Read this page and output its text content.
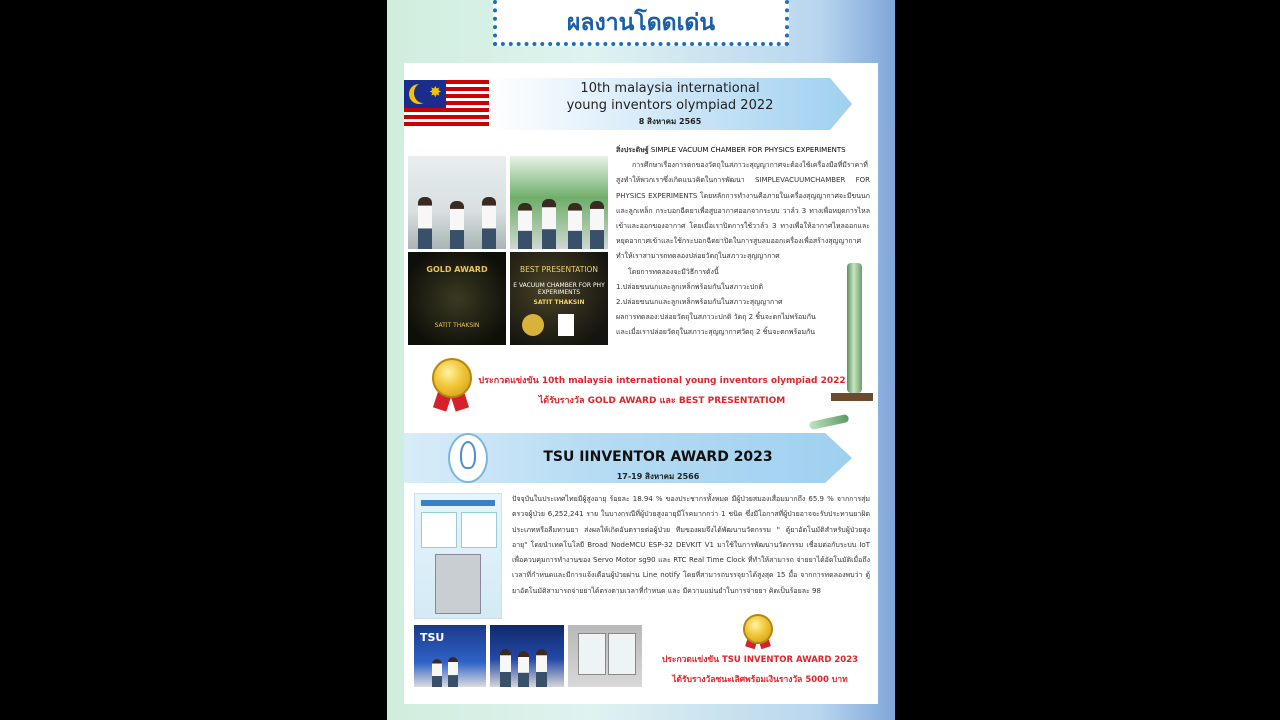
ผลงานโดดเด่น
10th malaysia international
young inventors olympiad 2022
8 สิงหาคม 2565
✸
GOLD AWARD
SATIT THAKSIN
BEST PRESENTATION
E VACUUM CHAMBER FOR PHY EXPERIMENTS
SATIT THAKSIN

สิ่งประดิษฐ์ SIMPLE VACUUM CHAMBER FOR PHYSICS EXPERIMENTS

การศึกษาเรื่องการตกของวัตถุในสภาวะสุญญากาศจะต้องใช้เครื่องมือที่มีราคาที่สูงทำให้พวกเราซึ่งเกิดแนวคิดในการพัฒนา SIMPLEVACUUMCHAMBER FOR PHYSICS EXPERIMENTS โดยหลักการทำงานคือภายในเครื่องสุญญากาศจะมีขนนกและลูกเหล็ก กระบอกฉีดยาเพื่อสูบอากาศออกจากระบบ วาล์ว 3 ทางเพื่อหยุดการไหลเข้าและออกของอากาศ โดยเมื่อเราปิดการใช้วาล์ว 3 ทางเพื่อให้อากาศไหลออกและหยุดอากาศเข้าและใช้กระบอกฉีดยาปิดในการสูบลมออกเครื่องเพื่อสร้างสุญญากาศทำให้เราสามารถทดลองปล่อยวัตถุในสภาวะสุญญากาศ

โดยการทดลองจะมีวิธีการดังนี้

1.ปล่อยขนนกและลูกเหล็กพร้อมกันในสภาวะปกติ

2.ปล่อยขนนกและลูกเหล็กพร้อมกันในสภาวะสุญญากาศ

ผลการทดลอง:ปล่อยวัตถุในสภาวะปกติ วัตถุ 2 ชิ้นจะตกไม่พร้อมกัน

และเมื่อเราปล่อยวัตถุในสภาวะสุญญากาศวัตถุ 2 ชิ้นจะตกพร้อมกัน

ประกวดแข่งขัน 10th malaysia international young inventors olympiad 2022
ได้รับรางวัล GOLD AWARD และ BEST PRESENTATIOM
TSU IINVENTOR AWARD 2023
17-19 สิงหาคม 2566

ปัจจุบันในประเทศไทยมีผู้สูงอายุ ร้อยละ 18.94 % ของประชากรทั้งหมด มีผู้ป่วยสมองเสื่อมมากถึง 65.9 % จากการสุ่มตรวจผู้ป่วย 6,252,241 ราย ในบางกรณีที่ผู้ป่วยสูงอายุมีโรคมากกว่า 1 ชนิด ซึ่งมีโอกาสที่ผู้ป่วยอาจจะรับประทานยาผิดประเภทหรือลืมทานยา ส่งผลให้เกิดอันตรายต่อผู้ป่วย ทีมของผมจึงได้พัฒนานวัตกรรม " ตู้ยาอัตโนมัติสำหรับผู้ป่วยสูงอายุ" โดยนำเทคโนโลยี Broad NodeMCU ESP-32 DEVKIT V1 มาใช้ในการพัฒนานวัตกรรม เชื่อมต่อกับระบบ IoT เพื่อควบคุมการทำงานของ Servo Motor sg90 และ RTC Real Time Clock ที่ทำให้สามารถ จ่ายยาได้อัตโนมัติเมื่อถึงเวลาที่กำหนดและมีการแจ้งเตือนผู้ป่วยผ่าน Line notify โดยที่สามารถบรรจุยาได้สูงสุด 15 มื้อ จากการทดลองพบว่า ตู้ยาอัตโนมัติสามารถจ่ายยาได้ตรงตามเวลาที่กำหนด และ มีความแม่นยำในการจ่ายยา คิดเป็นร้อยละ 98

TSU
ประกวดแข่งขัน TSU INVENTOR AWARD 2023
ได้รับรางวัลชนะเลิศพร้อมเงินรางวัล 5000 บาท
